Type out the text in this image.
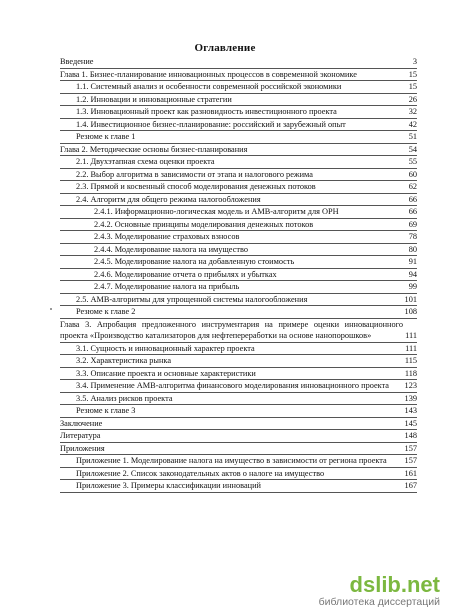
Оглавление
Введение	3
Глава 1. Бизнес-планирование инновационных процессов в современной экономике	15
1.1. Системный анализ и особенности современной российской экономики	15
1.2. Инновации и инновационные стратегии	26
1.3. Инновационный проект как разновидность инвестиционного проекта	32
1.4. Инвестиционное бизнес-планирование: российский и зарубежный опыт	42
Резюме к главе 1	51
Глава 2. Методические основы бизнес-планирования	54
2.1. Двухэтапная схема оценки проекта	55
2.2. Выбор алгоритма в зависимости от этапа и налогового режима	60
2.3. Прямой и косвенный способ моделирования денежных потоков	62
2.4. Алгоритм для общего режима налогообложения	66
2.4.1. Информационно-логическая модель и АМВ-алгоритм для ОРН	66
2.4.2. Основные принципы моделирования денежных потоков	69
2.4.3. Моделирование страховых взносов	78
2.4.4. Моделирование налога на имущество	80
2.4.5. Моделирование налога на добавленную стоимость	91
2.4.6. Моделирование отчета о прибылях и убытках	94
2.4.7. Моделирование налога на прибыль	99
2.5. АМВ-алгоритмы для упрощенной системы налогообложения	101
Резюме к главе 2	108
Глава 3. Апробация предложенного инструментария на примере оценки инновационного проекта «Производство катализаторов для нефтепереработки на основе нанопорошков»	111
3.1. Сущность и инновационный характер проекта	111
3.2. Характеристика рынка	115
3.3. Описание проекта и основные характеристики	118
3.4. Применение АМВ-алгоритма финансового моделирования инновационного проекта	123
3.5. Анализ рисков проекта	139
Резюме к главе 3	143
Заключение	145
Литература	148
Приложения	157
Приложение 1. Моделирование налога на имущество в зависимости от региона проекта	157
Приложение 2. Список законодательных актов о налоге на имущество	161
Приложение 3. Примеры классификации инноваций	167
dslib.net
библиотека диссертаций
